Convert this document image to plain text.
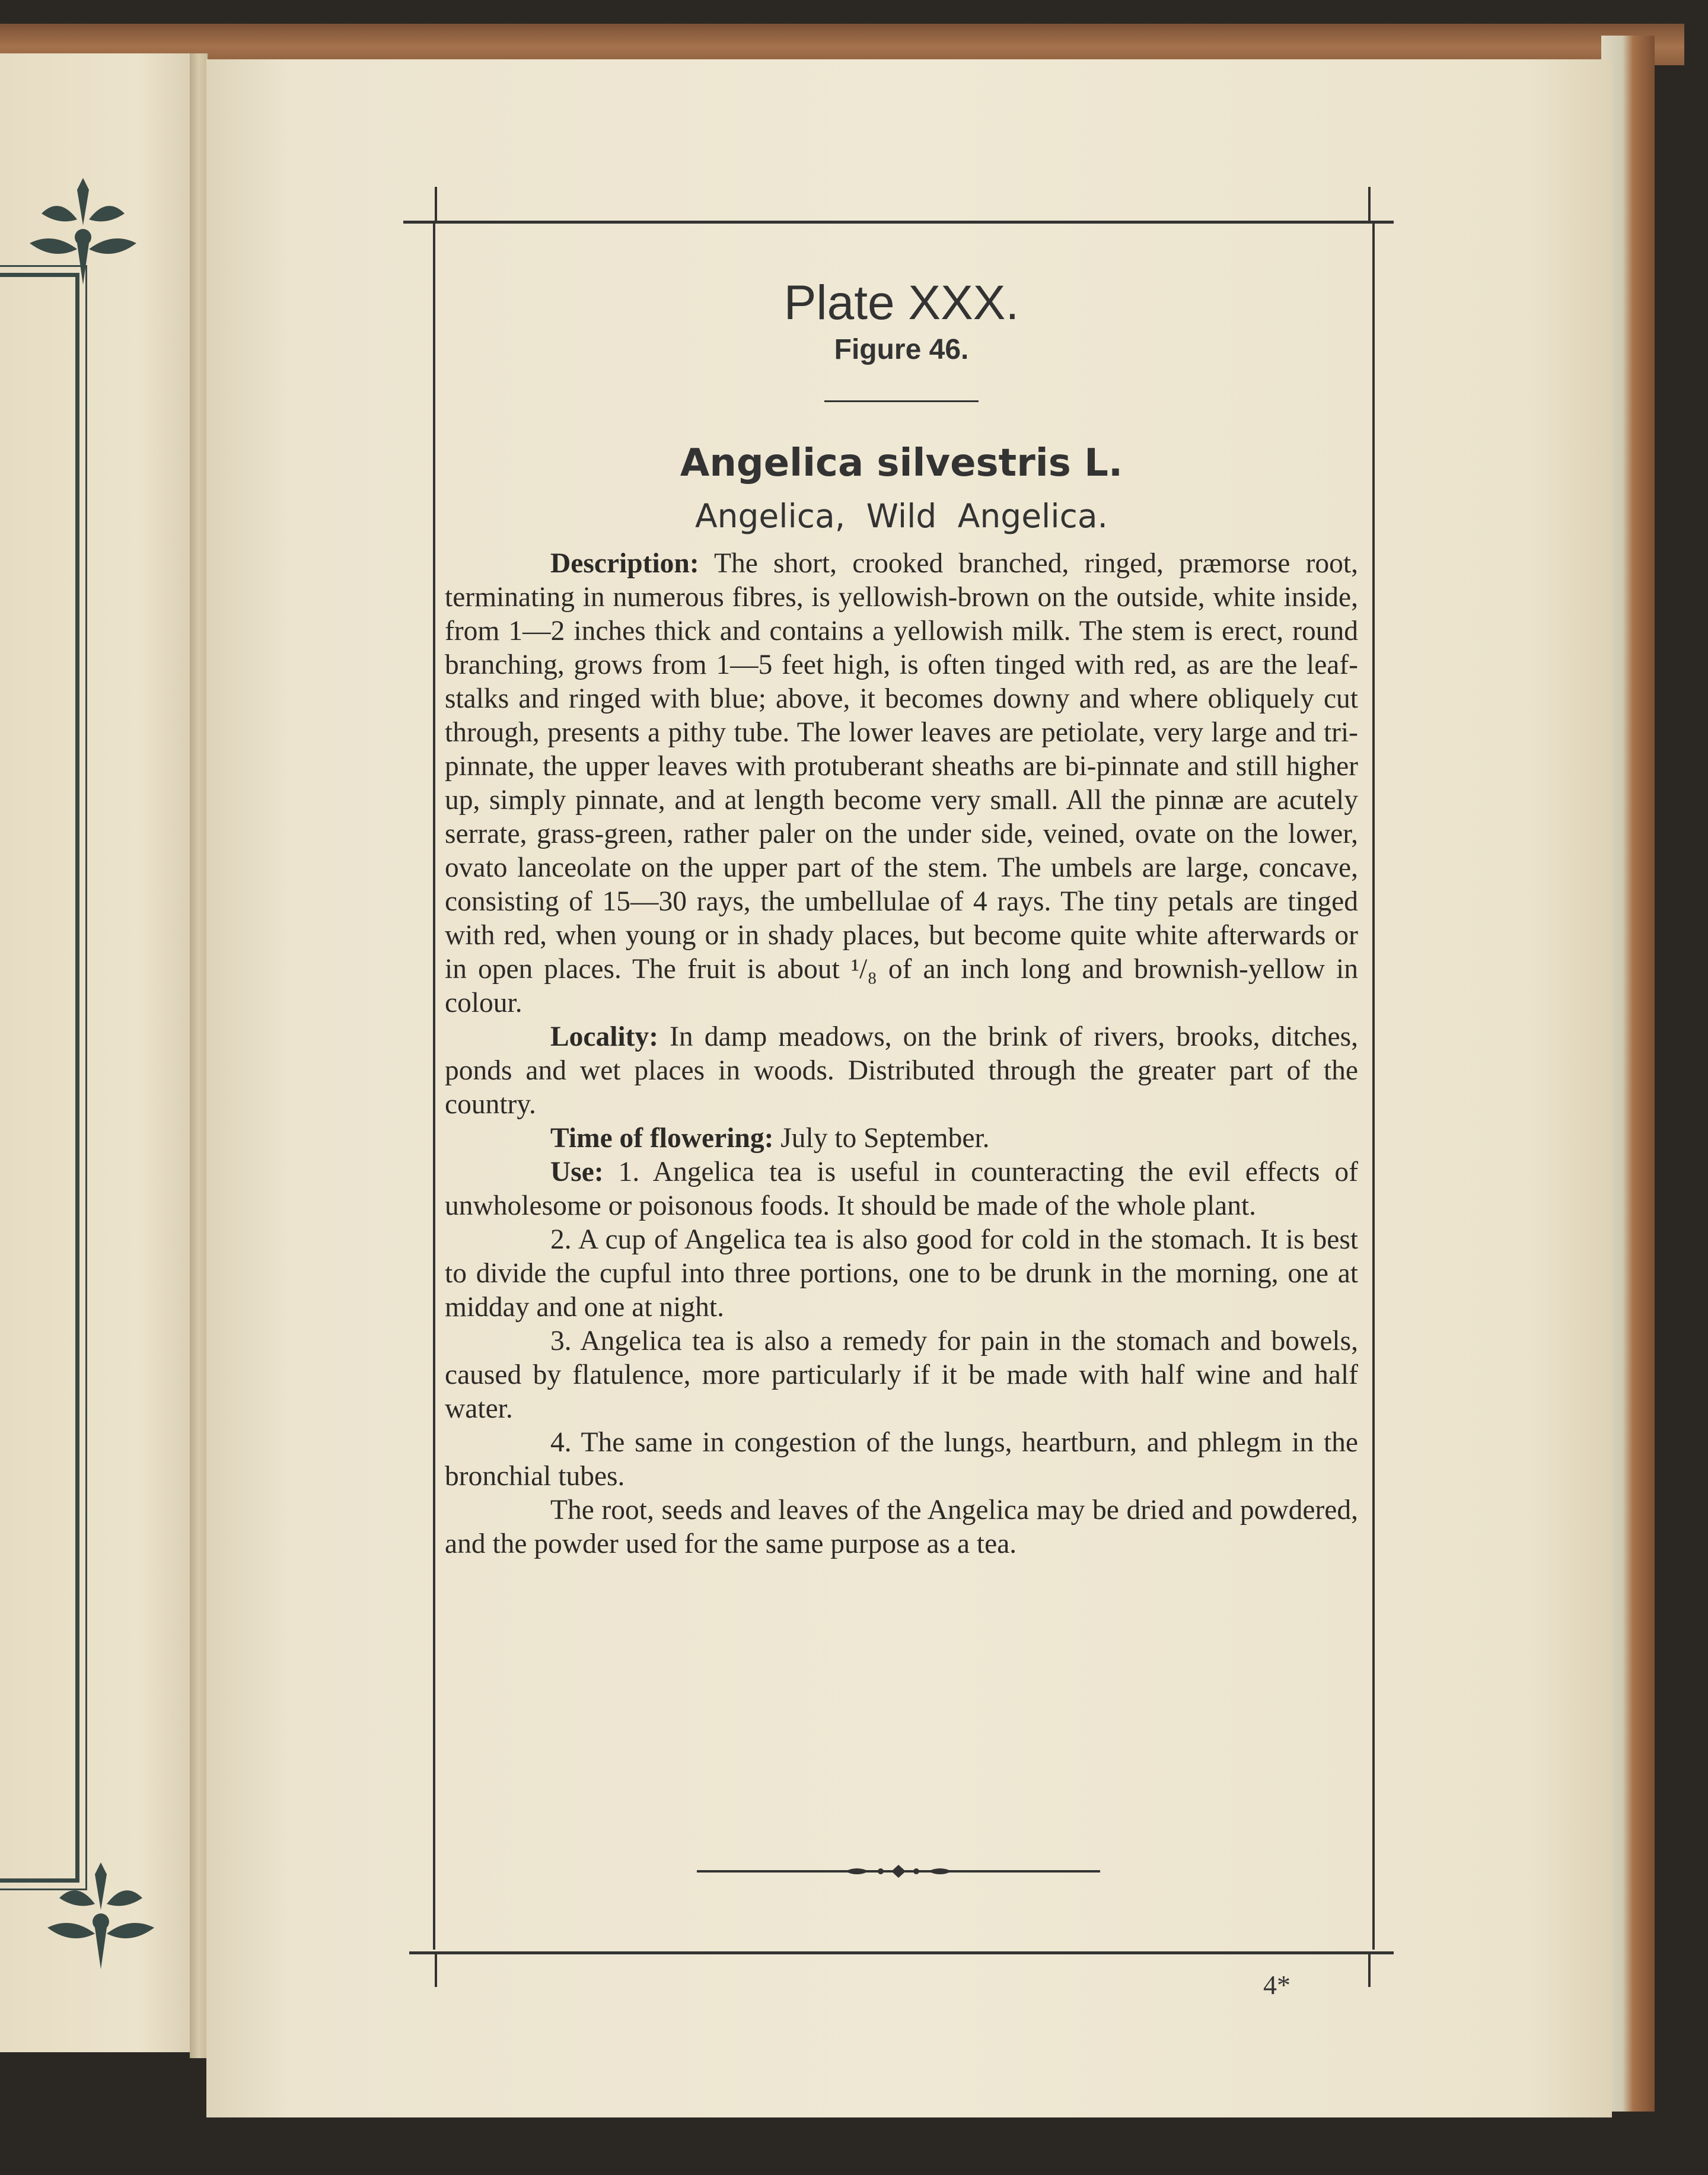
Plate XXX.
Figure 46.
Angelica silvestris L.
Angelica, Wild Angelica.

Description: The short, crooked branched, ringed, præmorse root, terminating in numerous fibres, is yellowish-brown on the outside, white inside, from 1—2 inches thick and contains a yellowish milk. The stem is erect, round branching, grows from 1—5 feet high, is often tinged with red, as are the leaf-stalks and ringed with blue; above, it becomes downy and where obliquely cut through, presents a pithy tube. The lower leaves are petiolate, very large and tri-pinnate, the upper leaves with protuberant sheaths are bi-pinnate and still higher up, simply pinnate, and at length become very small. All the pinnæ are acutely serrate, grass-green, rather paler on the under side, veined, ovate on the lower, ovato lanceolate on the upper part of the stem. The umbels are large, concave, consisting of 15—30 rays, the umbellulae of 4 rays. The tiny petals are tinged with red, when young or in shady places, but become quite white afterwards or in open places. The fruit is about ¹/₈ of an inch long and brownish-yellow in colour.

Locality: In damp meadows, on the brink of rivers, brooks, ditches, ponds and wet places in woods. Distributed through the greater part of the country.

Time of flowering: July to September.

Use: 1. Angelica tea is useful in counteracting the evil effects of unwholesome or poisonous foods. It should be made of the whole plant.

2. A cup of Angelica tea is also good for cold in the stomach. It is best to divide the cupful into three portions, one to be drunk in the morning, one at midday and one at night.

3. Angelica tea is also a remedy for pain in the stomach and bowels, caused by flatulence, more particularly if it be made with half wine and half water.

4. The same in congestion of the lungs, heartburn, and phlegm in the bronchial tubes.

The root, seeds and leaves of the Angelica may be dried and powdered, and the powder used for the same purpose as a tea.

4*
